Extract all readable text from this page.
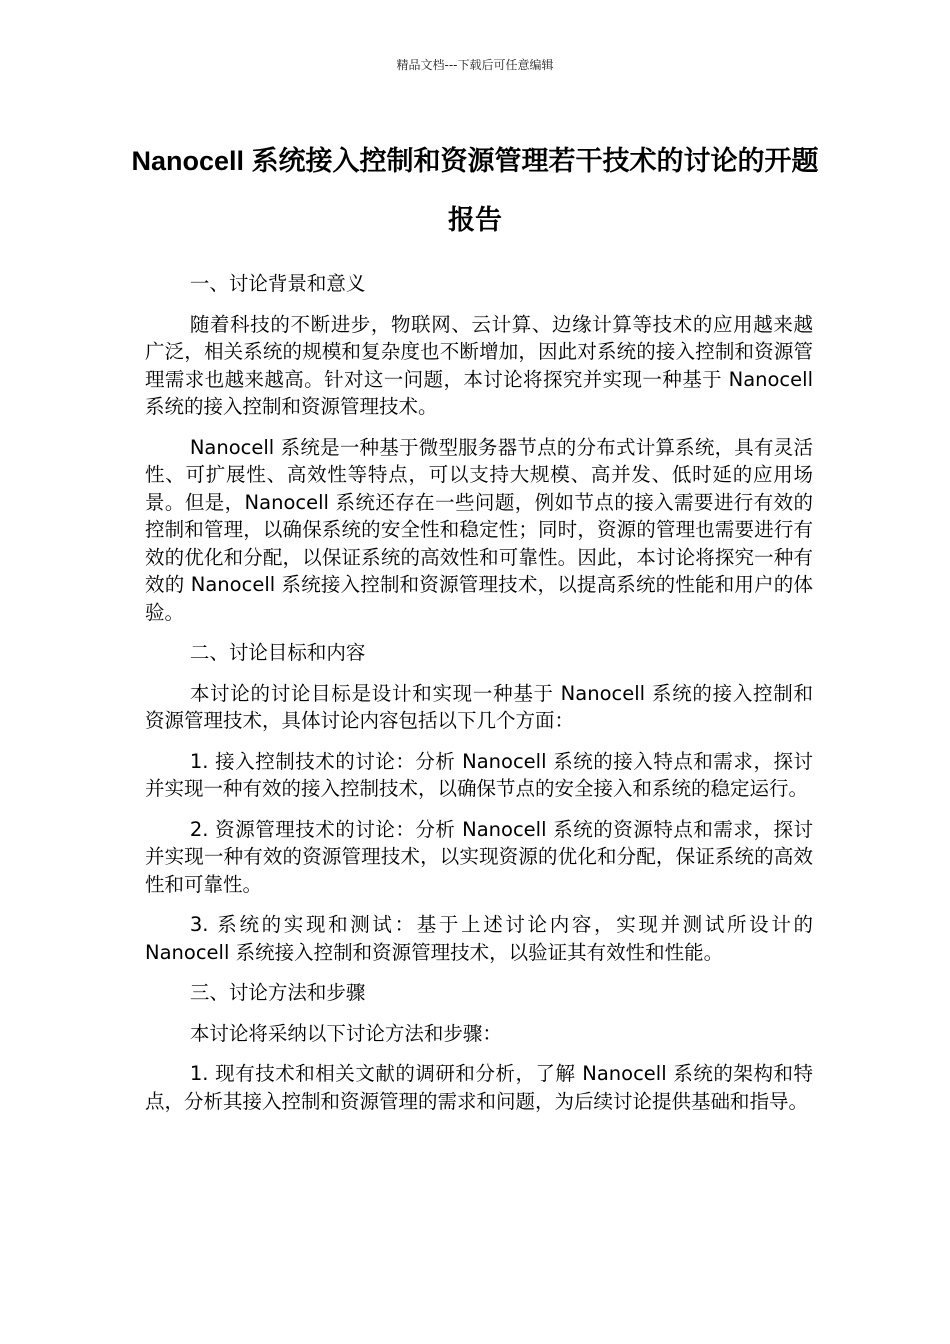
精品文档---下载后可任意编辑
Nanocell 系统接入控制和资源管理若干技术的讨论的开题报告

一、讨论背景和意义

随着科技的不断进步，物联网、云计算、边缘计算等技术的应用越来越广泛，相关系统的规模和复杂度也不断增加，因此对系统的接入控制和资源管理需求也越来越高。针对这一问题，本讨论将探究并实现一种基于 Nanocell 系统的接入控制和资源管理技术。

Nanocell 系统是一种基于微型服务器节点的分布式计算系统，具有灵活性、可扩展性、高效性等特点，可以支持大规模、高并发、低时延的应用场景。但是，Nanocell 系统还存在一些问题，例如节点的接入需要进行有效的控制和管理，以确保系统的安全性和稳定性；同时，资源的管理也需要进行有效的优化和分配，以保证系统的高效性和可靠性。因此，本讨论将探究一种有效的 Nanocell 系统接入控制和资源管理技术，以提高系统的性能和用户的体验。

二、讨论目标和内容

本讨论的讨论目标是设计和实现一种基于 Nanocell 系统的接入控制和资源管理技术，具体讨论内容包括以下几个方面：

1. 接入控制技术的讨论：分析 Nanocell 系统的接入特点和需求，探讨并实现一种有效的接入控制技术，以确保节点的安全接入和系统的稳定运行。

2. 资源管理技术的讨论：分析 Nanocell 系统的资源特点和需求，探讨并实现一种有效的资源管理技术，以实现资源的优化和分配，保证系统的高效性和可靠性。

3. 系统的实现和测试：基于上述讨论内容，实现并测试所设计的 Nanocell 系统接入控制和资源管理技术，以验证其有效性和性能。

三、讨论方法和步骤

本讨论将采纳以下讨论方法和步骤：

1. 现有技术和相关文献的调研和分析，了解 Nanocell 系统的架构和特点，分析其接入控制和资源管理的需求和问题，为后续讨论提供基础和指导。
